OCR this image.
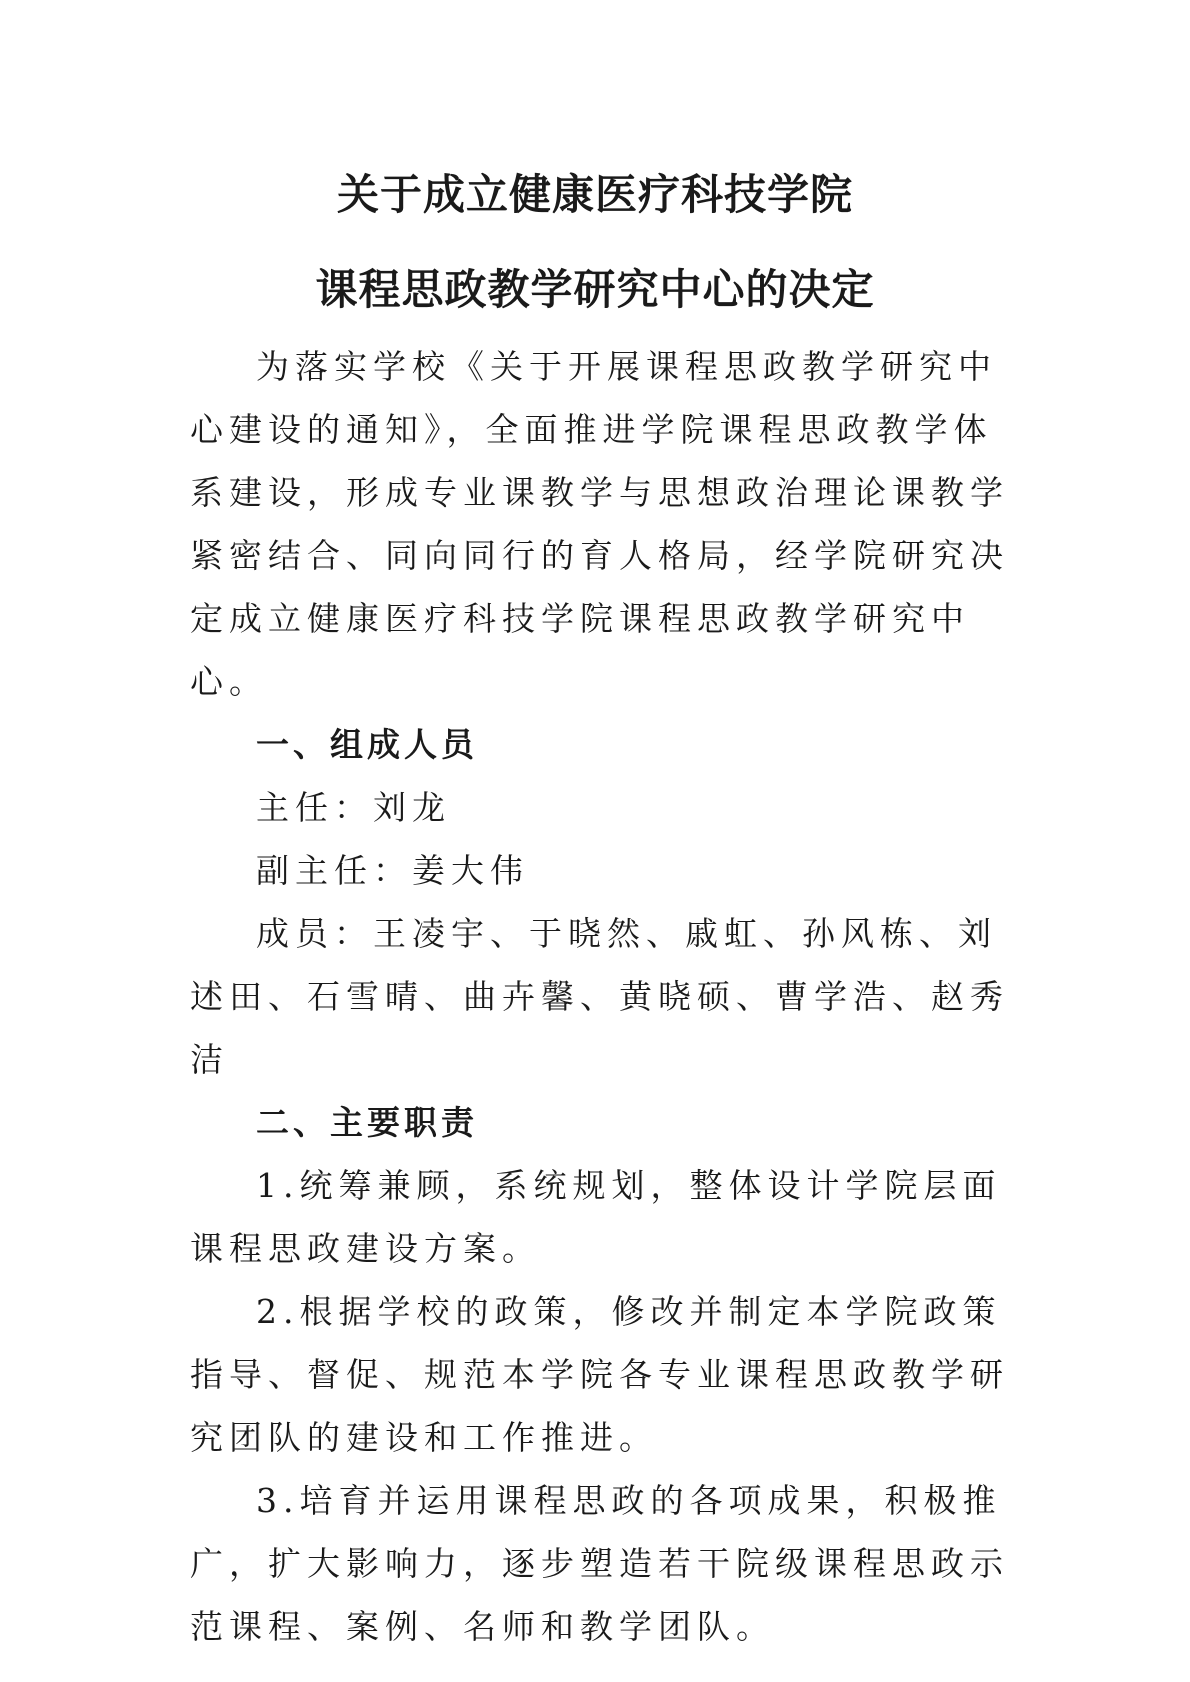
关于成立健康医疗科技学院
课程思政教学研究中心的决定

为落实学校《关于开展课程思政教学研究中心建设的通知》，全面推进学院课程思政教学体系建设，形成专业课教学与思想政治理论课教学紧密结合、同向同行的育人格局，经学院研究决定成立健康医疗科技学院课程思政教学研究中心。

一、组成人员

主任：刘龙

副主任：姜大伟

成员：王凌宇、于晓然、戚虹、孙风栋、刘述田、石雪晴、曲卉馨、黄晓硕、曹学浩、赵秀洁

二、主要职责

1.统筹兼顾，系统规划，整体设计学院层面课程思政建设方案。

2.根据学校的政策，修改并制定本学院政策指导、督促、规范本学院各专业课程思政教学研究团队的建设和工作推进。

3.培育并运用课程思政的各项成果，积极推广，扩大影响力，逐步塑造若干院级课程思政示范课程、案例、名师和教学团队。
